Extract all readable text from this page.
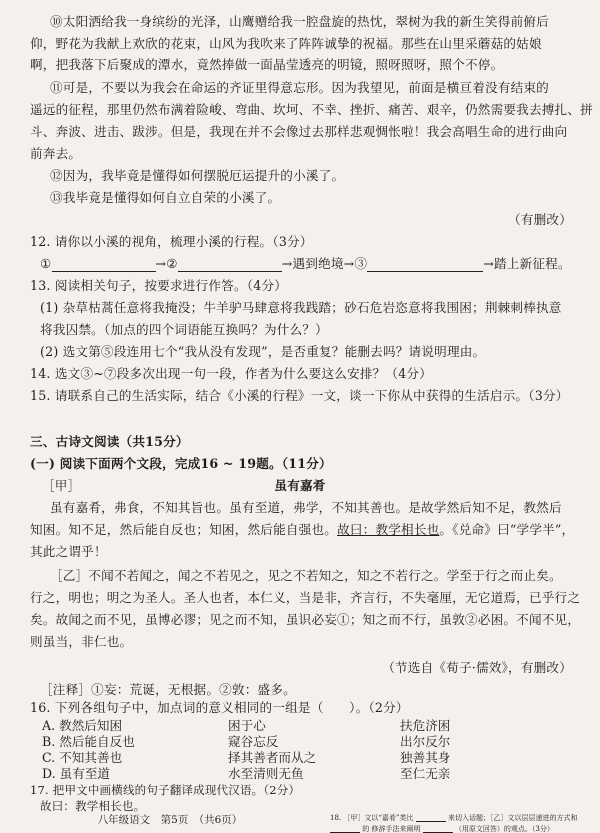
⑩太阳洒给我一身缤纷的光泽，山鹰赠给我一腔盘旋的热忱，翠树为我的新生笑得前俯后
仰，野花为我献上欢欣的花束，山风为我吹来了阵阵诚挚的祝福。那些在山里采蘑菇的姑娘
啊，把我落下后聚成的潭水，竟然捧做一面晶莹透亮的明镜，照呀照呀，照个不停。
⑪可是，不要以为我会在命运的齐证里得意忘形。因为我望见，前面是横亘着没有结束的
遥远的征程，那里仍然布满着险峻、弯曲、坎坷、不幸、挫折、痛苦、艰辛，仍然需要我去搏扎、拼
斗、奔波、进击、跋涉。但是，我现在并不会像过去那样悲观惆怅啦！我会高唱生命的进行曲向
前奔去。
⑫因为，我毕竟是懂得如何摆脱厄运提升的小溪了。
⑬我毕竟是懂得如何自立自荣的小溪了。
（有删改）
12. 请你以小溪的视角，梳理小溪的行程。（3分）
①	→②	→遇到绝境→③	→踏上新征程。
13. 阅读相关句子，按要求进行作答。（4分）
(1) 杂草枯蒿任意将我掩没；牛羊驴马肆意将我践踏；砂石危岩恣意将我围困；荆棘刺棒执意
将我囚禁。（加点的四个词语能互换吗？为什么？）
(2) 选文第⑤段连用七个“我从没有发现”，是否重复？能删去吗？请说明理由。
14. 选文③~⑦段多次出现一句一段，作者为什么要这么安排？（4分）
15. 请联系自己的生活实际，结合《小溪的行程》一文，谈一下你从中获得的生活启示。（3分）
三、古诗文阅读（共15分）
(一) 阅读下面两个文段，完成16 ~ 19题。（11分）
［甲］	虽有嘉肴
虽有嘉肴，弗食，不知其旨也。虽有至道，弗学，不知其善也。是故学然后知不足，教然后
知困。知不足，然后能自反也；知困，然后能自强也。故曰：教学相长也。《兑命》曰“学学半”，
其此之谓乎！
［乙］不闻不若闻之，闻之不若见之，见之不若知之，知之不若行之。学至于行之而止矣。
行之，明也；明之为圣人。圣人也者，本仁义，当是非，齐言行，不失毫厘，无它道焉，已乎行之
矣。故闻之而不见，虽博必谬；见之而不知，虽识必妄①；知之而不行，虽敦②必困。不闻不见，
则虽当，非仁也。
（节选自《荀子·儒效》，有删改）
［注释］①妄：荒诞，无根据。②敦：盛多。
16. 下列各组句子中，加点词的意义相同的一组是（　　）。（2分）
A. 教然后知困	困于心	扶危济困
B. 然后能自反也	窥谷忘反	出尔反尔
C. 不知其善也	择其善者而从之	独善其身
D. 虽有至道	水至清则无鱼	至仁无亲
17. 把甲文中画横线的句子翻译成现代汉语。（2分）
故曰：教学相长也。
八年级语文　第5页　（共6页）	18. ［甲］文以“嘉肴”类比	来切入话题；［乙］文以层层递进的方式和  的 修辞手法来阐明	（用原文回答）的观点。（3分）
